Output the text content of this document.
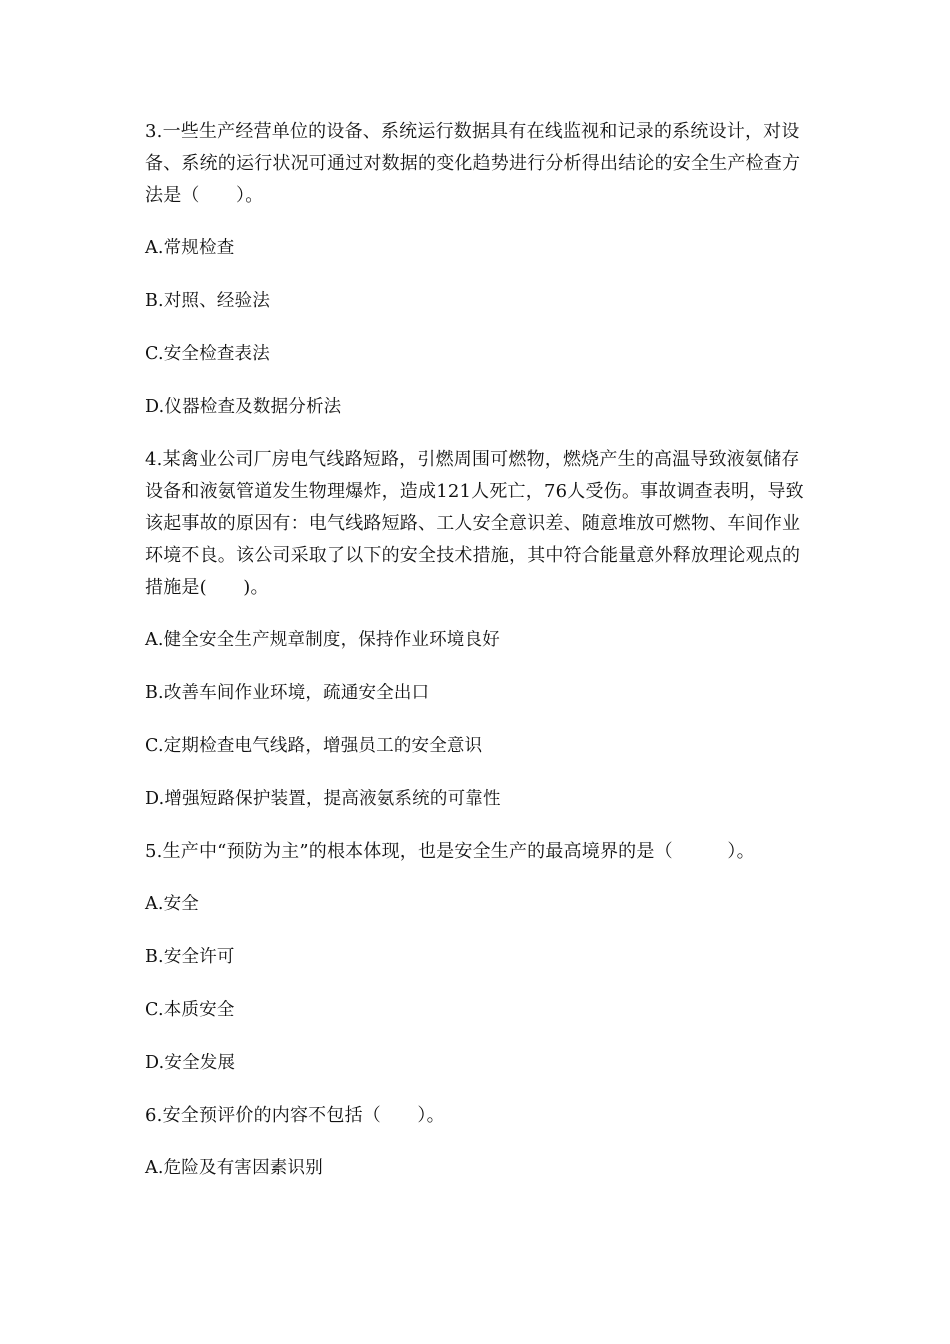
3.一些生产经营单位的设备、系统运行数据具有在线监视和记录的系统设计，对设备、系统的运行状况可通过对数据的变化趋势进行分析得出结论的安全生产检查方法是（　　）。

A.常规检查

B.对照、经验法

C.安全检查表法

D.仪器检查及数据分析法

4.某禽业公司厂房电气线路短路，引燃周围可燃物，燃烧产生的高温导致液氨储存设备和液氨管道发生物理爆炸，造成121人死亡，76人受伤。事故调查表明，导致该起事故的原因有：电气线路短路、工人安全意识差、随意堆放可燃物、车间作业环境不良。该公司采取了以下的安全技术措施，其中符合能量意外释放理论观点的措施是(　　)。

A.健全安全生产规章制度，保持作业环境良好

B.改善车间作业环境，疏通安全出口

C.定期检查电气线路，增强员工的安全意识

D.增强短路保护装置，提高液氨系统的可靠性

5.生产中“预防为主”的根本体现，也是安全生产的最高境界的是（　　　）。

A.安全

B.安全许可

C.本质安全

D.安全发展

6.安全预评价的内容不包括（　　）。

A.危险及有害因素识别
